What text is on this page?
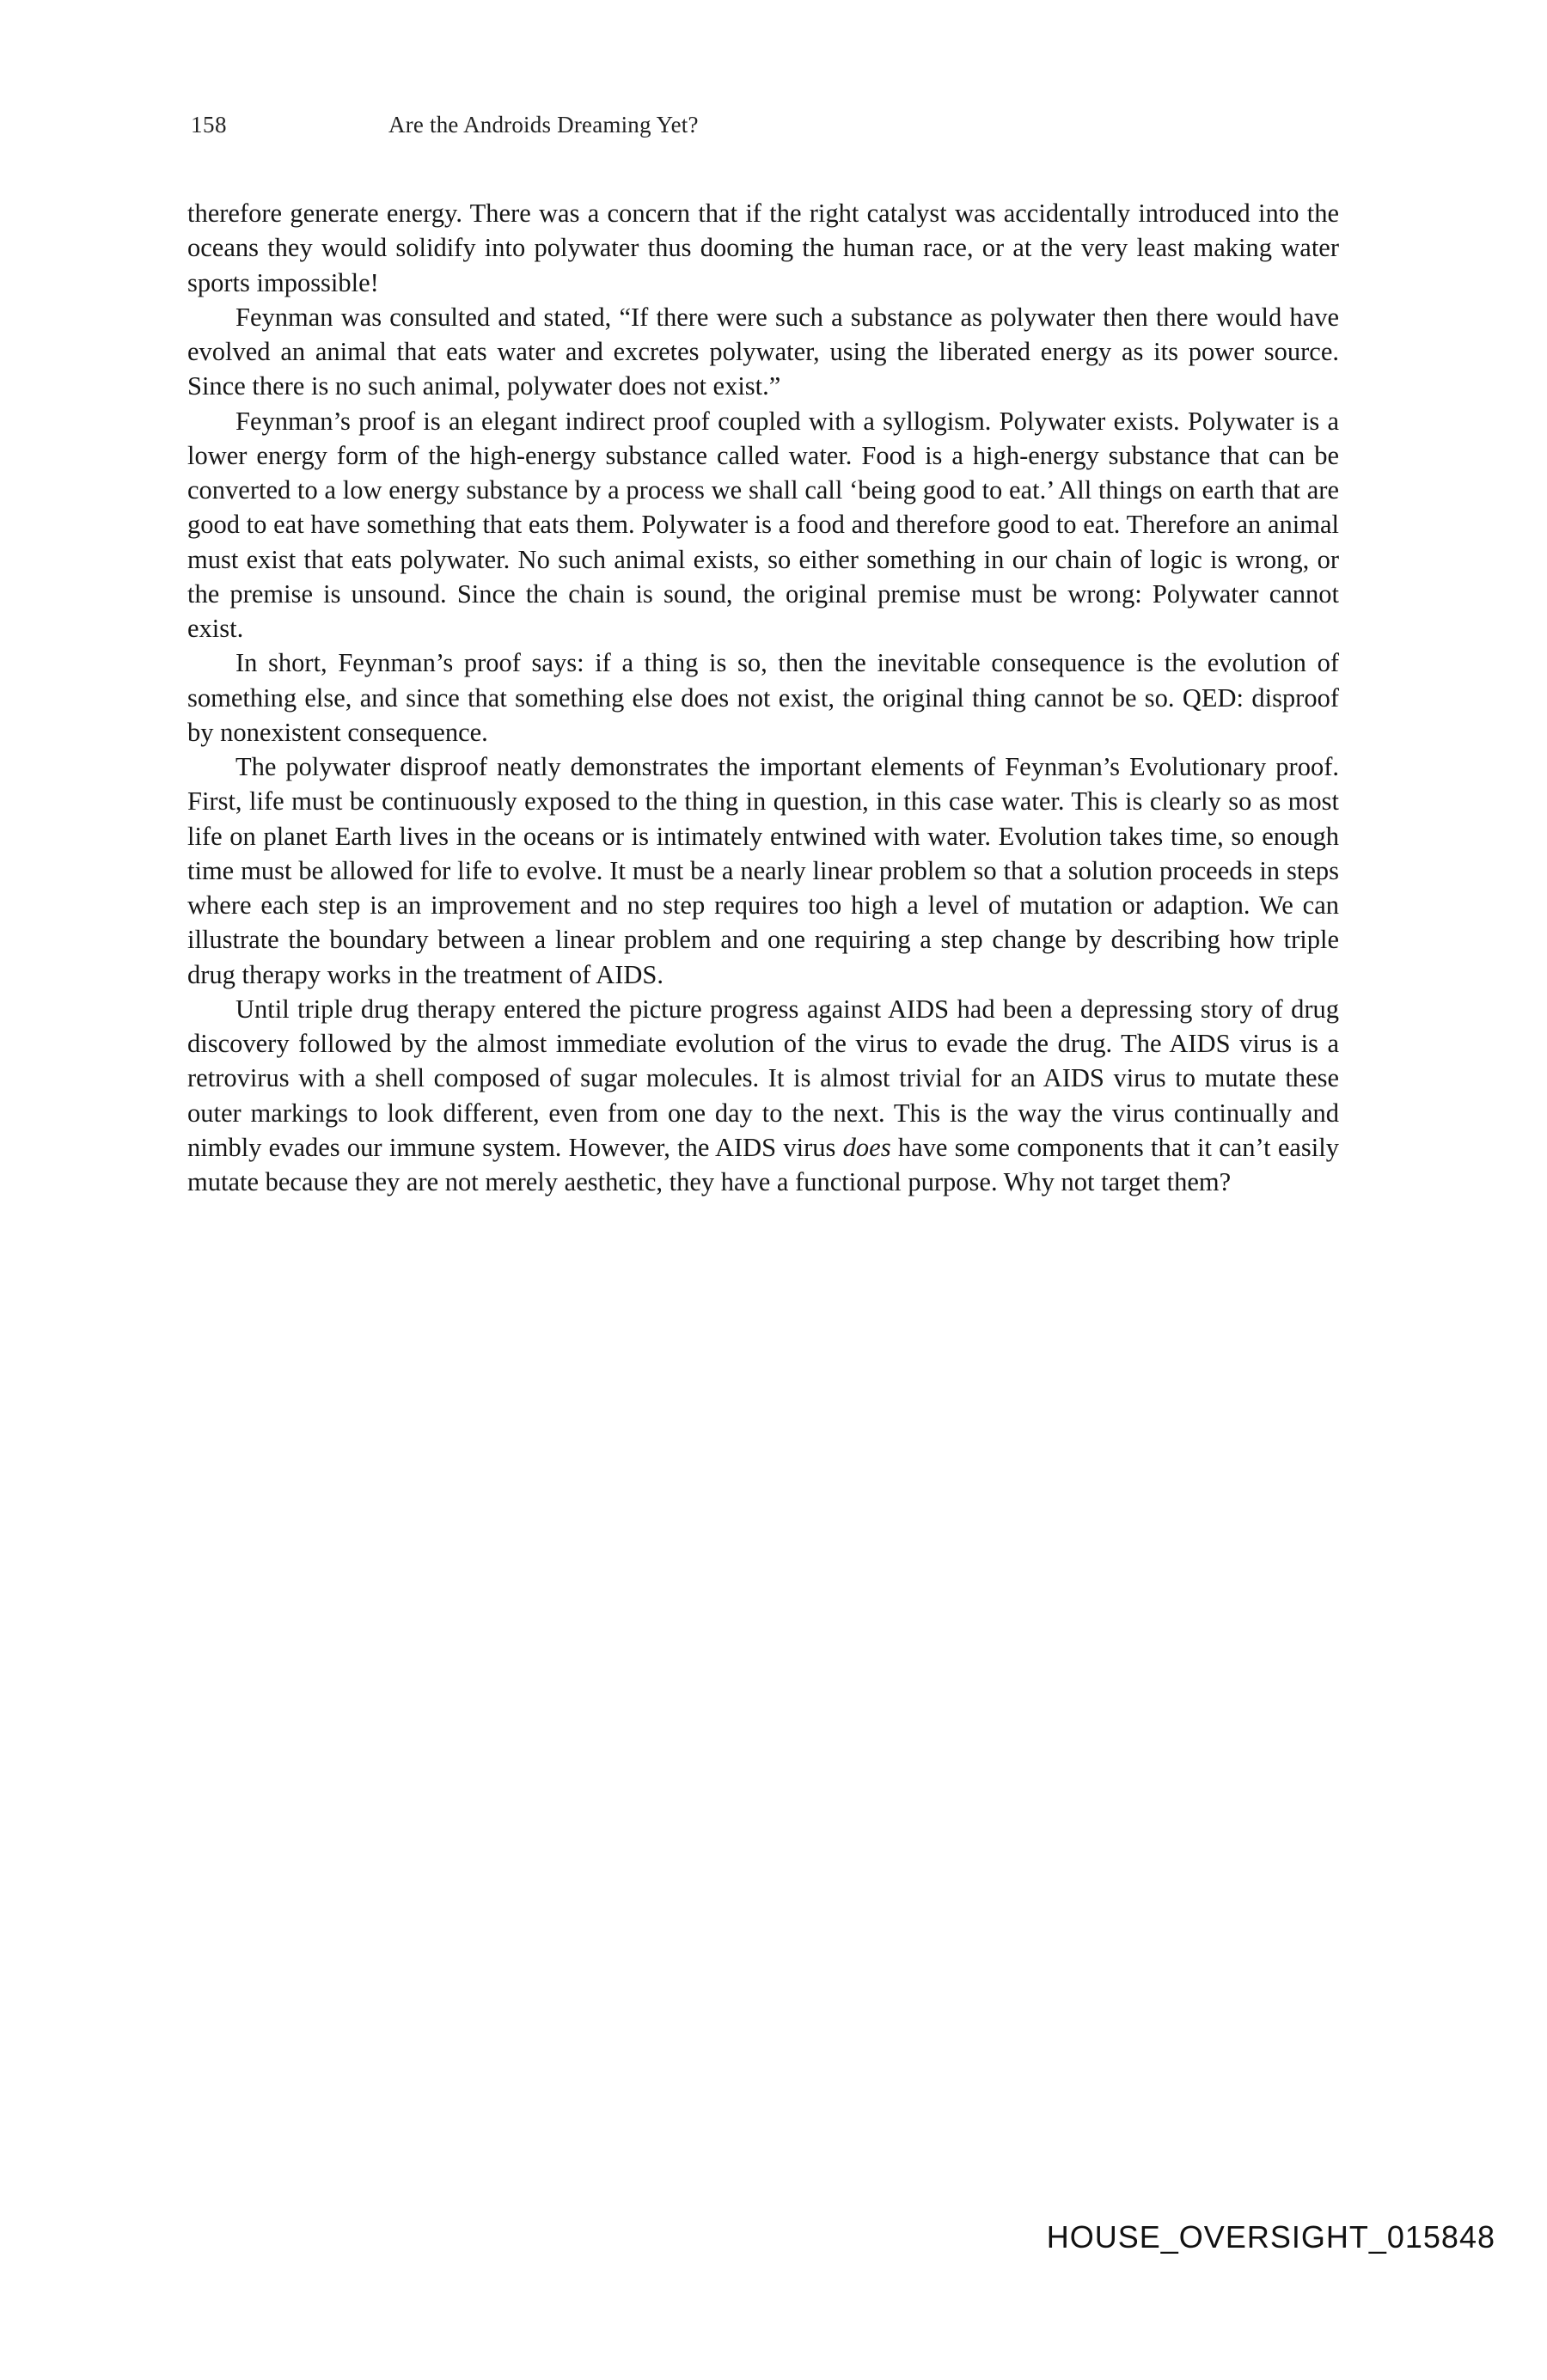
158	Are the Androids Dreaming Yet?

therefore generate energy. There was a concern that if the right catalyst was accidentally introduced into the oceans they would solidify into polywater thus dooming the human race, or at the very least making water sports impossible!

Feynman was consulted and stated, “If there were such a substance as polywater then there would have evolved an animal that eats water and excretes polywater, using the liberated energy as its power source. Since there is no such animal, polywater does not exist.”

Feynman’s proof is an elegant indirect proof coupled with a syllogism. Polywater exists. Polywater is a lower energy form of the high-energy substance called water. Food is a high-energy substance that can be converted to a low energy substance by a process we shall call ‘being good to eat.’ All things on earth that are good to eat have something that eats them. Polywater is a food and therefore good to eat. Therefore an animal must exist that eats polywater. No such animal exists, so either something in our chain of logic is wrong, or the premise is unsound. Since the chain is sound, the original premise must be wrong: Polywater cannot exist.

In short, Feynman’s proof says: if a thing is so, then the inevitable consequence is the evolution of something else, and since that something else does not exist, the original thing cannot be so. QED: disproof by nonexistent consequence.

The polywater disproof neatly demonstrates the important elements of Feynman’s Evolutionary proof. First, life must be continuously exposed to the thing in question, in this case water. This is clearly so as most life on planet Earth lives in the oceans or is intimately entwined with water. Evolution takes time, so enough time must be allowed for life to evolve. It must be a nearly linear problem so that a solution proceeds in steps where each step is an improvement and no step requires too high a level of mutation or adaption. We can illustrate the boundary between a linear problem and one requiring a step change by describing how triple drug therapy works in the treatment of AIDS.

Until triple drug therapy entered the picture progress against AIDS had been a depressing story of drug discovery followed by the almost immediate evolution of the virus to evade the drug. The AIDS virus is a retrovirus with a shell composed of sugar molecules. It is almost trivial for an AIDS virus to mutate these outer markings to look different, even from one day to the next. This is the way the virus continually and nimbly evades our immune system. However, the AIDS virus does have some components that it can’t easily mutate because they are not merely aesthetic, they have a functional purpose. Why not target them?

HOUSE_OVERSIGHT_015848
